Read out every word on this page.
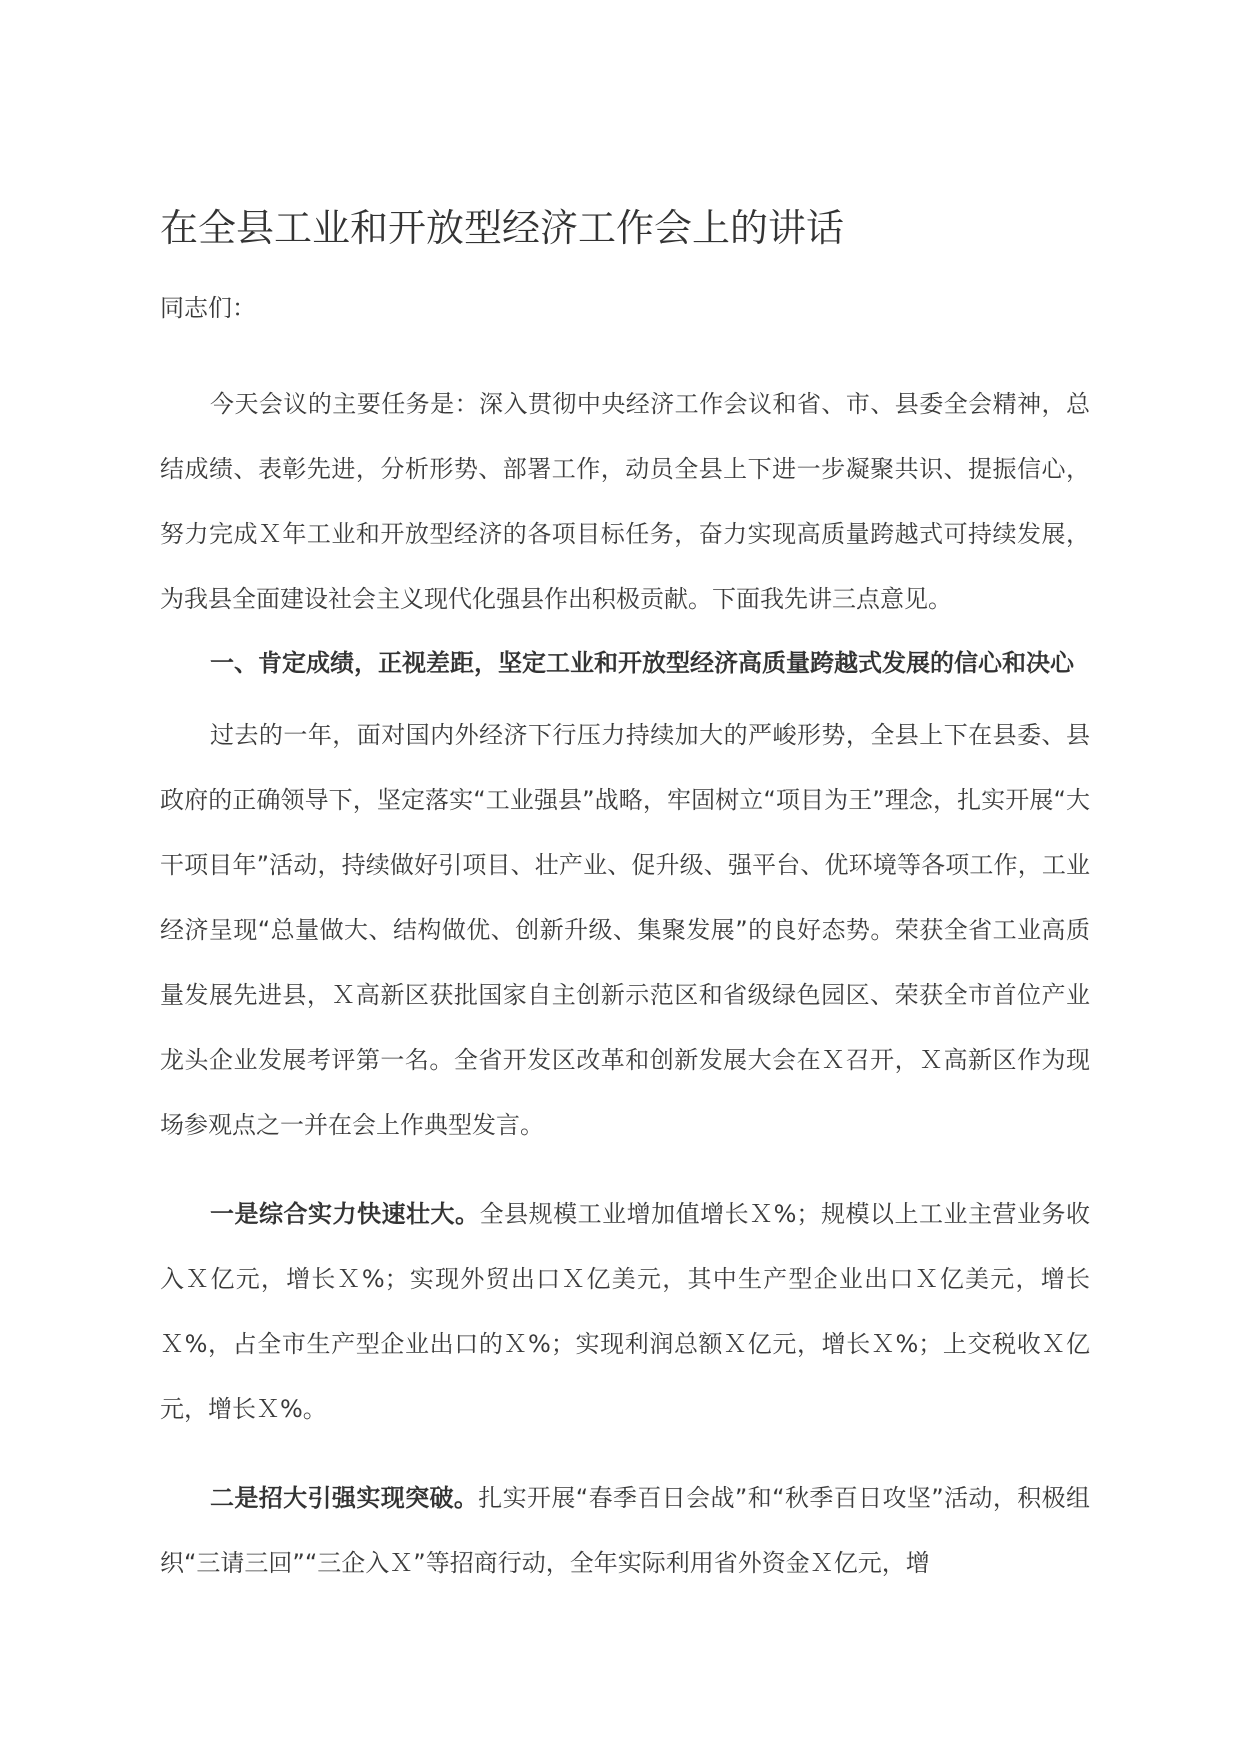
在全县工业和开放型经济工作会上的讲话

同志们：

今天会议的主要任务是：深入贯彻中央经济工作会议和省、市、县委全会精神，总结成绩、表彰先进，分析形势、部署工作，动员全县上下进一步凝聚共识、提振信心，努力完成Ｘ年工业和开放型经济的各项目标任务，奋力实现高质量跨越式可持续发展，为我县全面建设社会主义现代化强县作出积极贡献。下面我先讲三点意见。

一、肯定成绩，正视差距，坚定工业和开放型经济高质量跨越式发展的信心和决心

过去的一年，面对国内外经济下行压力持续加大的严峻形势，全县上下在县委、县政府的正确领导下，坚定落实“工业强县”战略，牢固树立“项目为王”理念，扎实开展“大干项目年”活动，持续做好引项目、壮产业、促升级、强平台、优环境等各项工作，工业经济呈现“总量做大、结构做优、创新升级、集聚发展”的良好态势。荣获全省工业高质量发展先进县，Ｘ高新区获批国家自主创新示范区和省级绿色园区、荣获全市首位产业龙头企业发展考评第一名。全省开发区改革和创新发展大会在Ｘ召开，Ｘ高新区作为现场参观点之一并在会上作典型发言。

一是综合实力快速壮大。全县规模工业增加值增长Ｘ%；规模以上工业主营业务收入Ｘ亿元，增长Ｘ%；实现外贸出口Ｘ亿美元，其中生产型企业出口Ｘ亿美元，增长Ｘ%，占全市生产型企业出口的Ｘ%；实现利润总额Ｘ亿元，增长Ｘ%；上交税收Ｘ亿元，增长Ｘ%。

二是招大引强实现突破。扎实开展“春季百日会战”和“秋季百日攻坚”活动，积极组织“三请三回”“三企入Ｘ”等招商行动，全年实际利用省外资金Ｘ亿元，增
